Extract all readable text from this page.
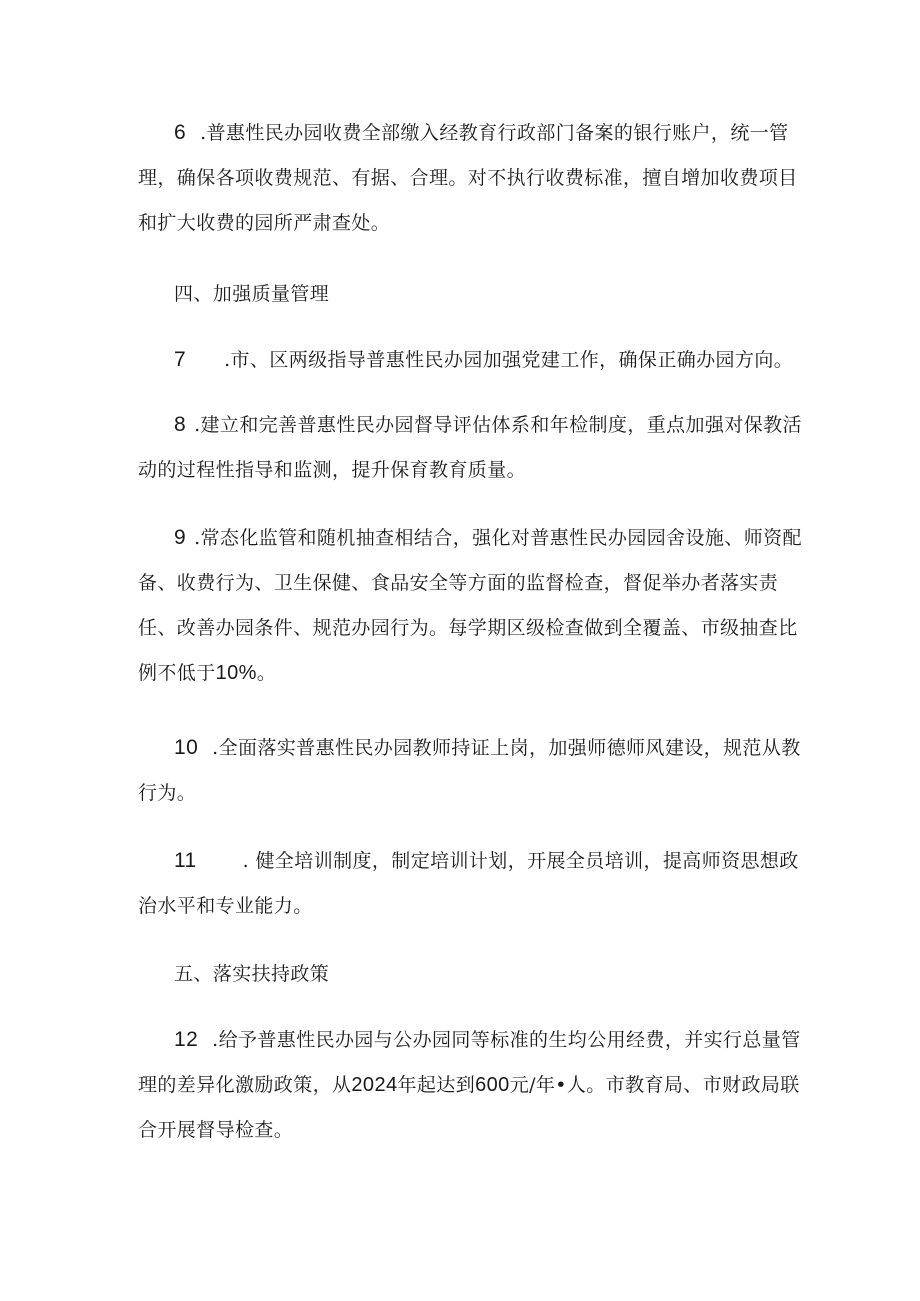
6 .普惠性民办园收费全部缴入经教育行政部门备案的银行账户，统一管理，确保各项收费规范、有据、合理。对不执行收费标准，擅自增加收费项目和扩大收费的园所严肃查处。

四、加强质量管理

7 .市、区两级指导普惠性民办园加强党建工作，确保正确办园方向。

8 .建立和完善普惠性民办园督导评估体系和年检制度，重点加强对保教活动的过程性指导和监测，提升保育教育质量。

9 .常态化监管和随机抽查相结合，强化对普惠性民办园园舍设施、师资配备、收费行为、卫生保健、食品安全等方面的监督检查，督促举办者落实责任、改善办园条件、规范办园行为。每学期区级检查做到全覆盖、市级抽查比例不低于10%。

10 .全面落实普惠性民办园教师持证上岗，加强师德师风建设，规范从教行为。

11 . 健全培训制度，制定培训计划，开展全员培训，提高师资思想政治水平和专业能力。

五、落实扶持政策

12 .给予普惠性民办园与公办园同等标准的生均公用经费，并实行总量管理的差异化激励政策，从2024年起达到600元/年•人。市教育局、市财政局联合开展督导检查。
